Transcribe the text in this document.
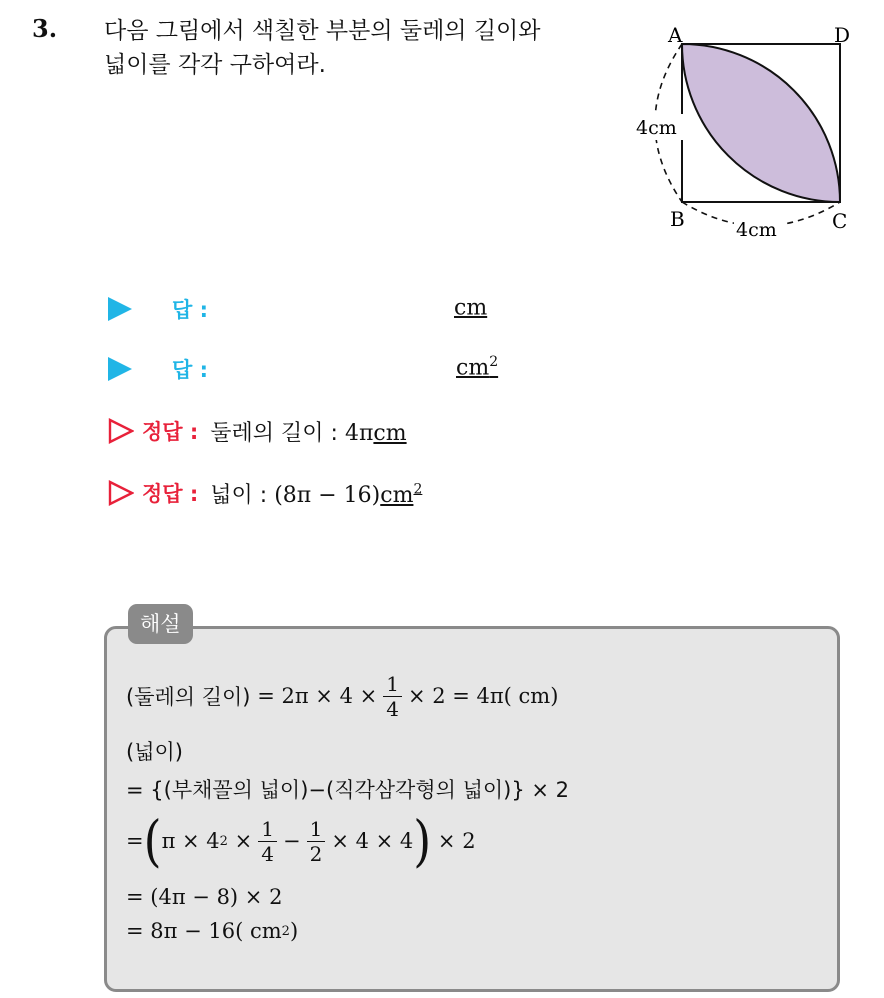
3. 다음 그림에서 색칠한 부분의 둘레의 길이와
넓이를 각각 구하여라.
A	D
B	C
4cm
4cm
답 :	cm
답 :	$cm^2$
정답 : 둘레의 길이 : 4πcm
정답 : 넓이 : $(8\pi - 16)cm^2$
해설
(둘레의 길이)
= $2\pi \times 4 \times \frac{1}{4} \times 2 = 4\pi$( cm)
(넓이)
= {(부채꼴의 넓이)−(직각삼각형의 넓이)} × 2
= ( π × 4 2
× $\frac{1}{4} - \frac{1}{2} \times 4 \times 4$ )
× 2
= (4π − 8) × 2
= 8π − 16( cm 2 )
